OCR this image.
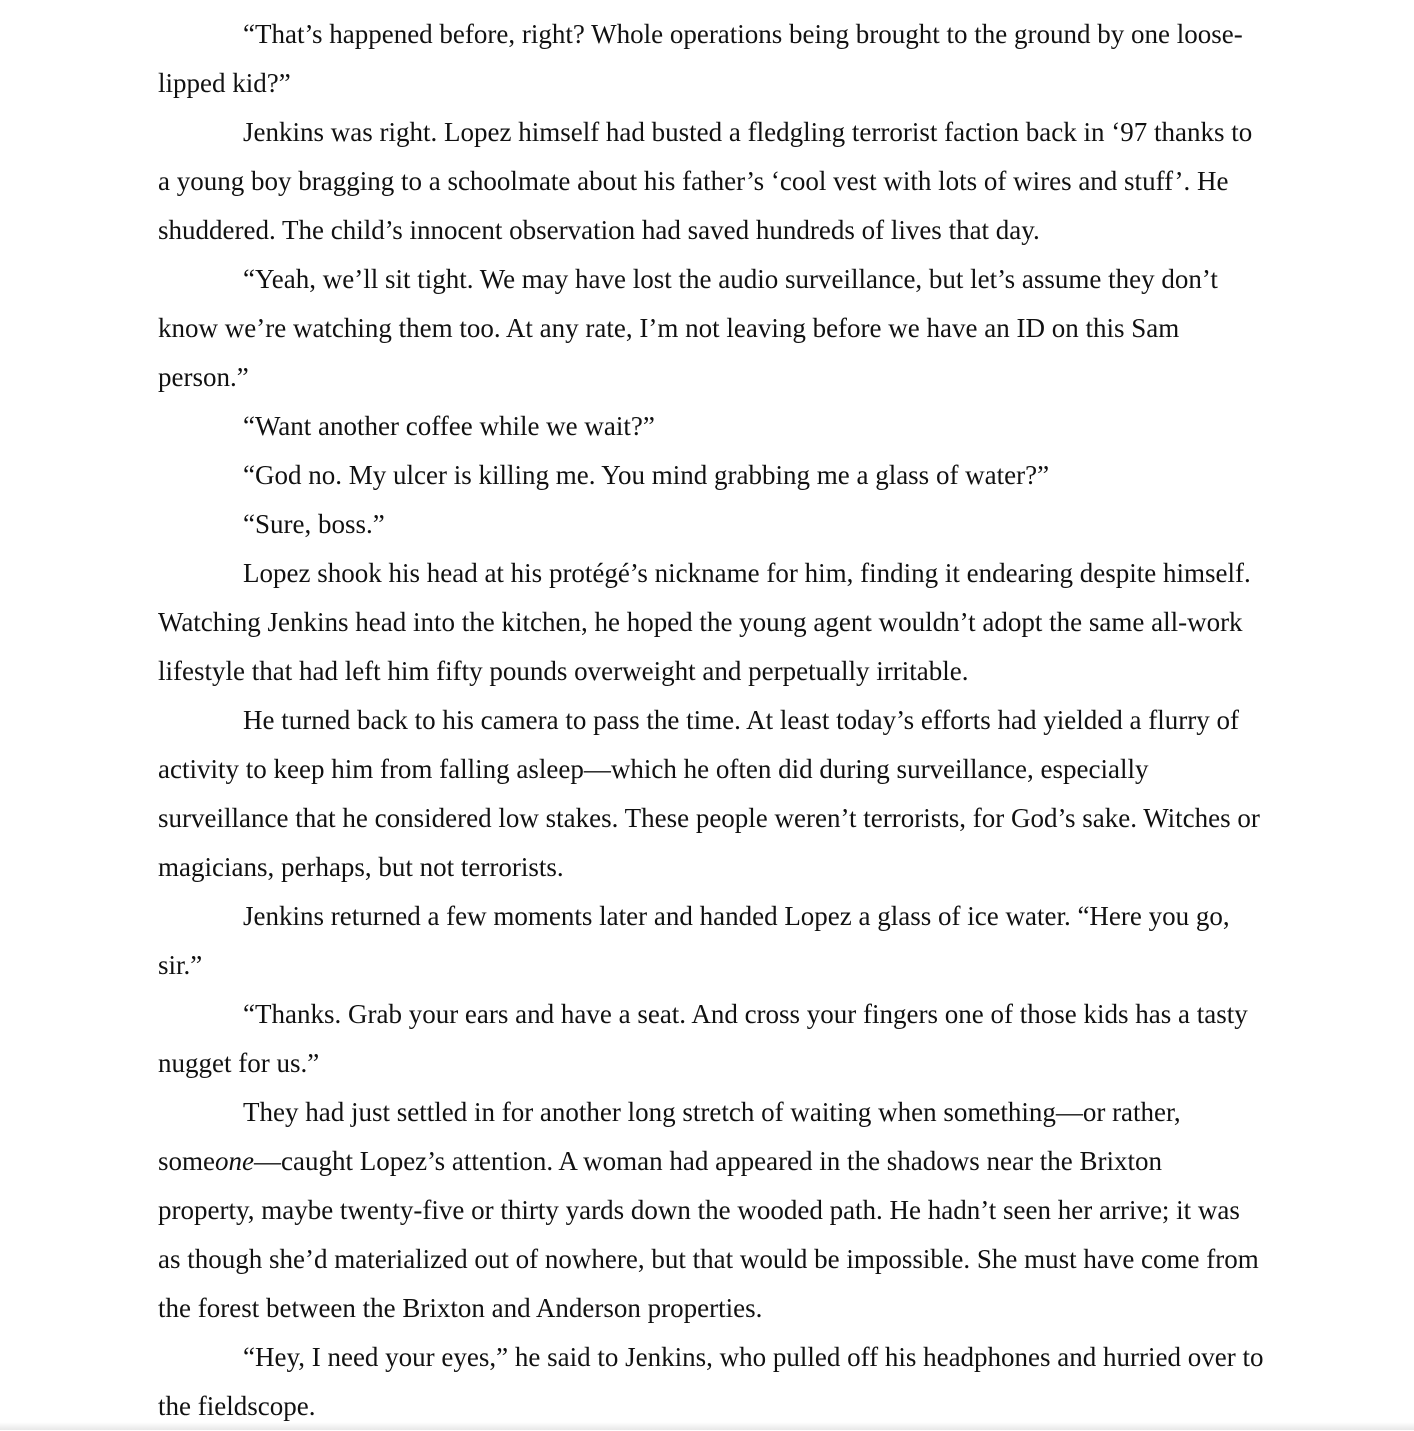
“That’s happened before, right? Whole operations being brought to the ground by one loose-lipped kid?”

Jenkins was right. Lopez himself had busted a fledgling terrorist faction back in ‘97 thanks to a young boy bragging to a schoolmate about his father’s ‘cool vest with lots of wires and stuff’. He shuddered. The child’s innocent observation had saved hundreds of lives that day.

“Yeah, we’ll sit tight. We may have lost the audio surveillance, but let’s assume they don’t know we’re watching them too. At any rate, I’m not leaving before we have an ID on this Sam person.”

“Want another coffee while we wait?”

“God no. My ulcer is killing me. You mind grabbing me a glass of water?”

“Sure, boss.”

Lopez shook his head at his protégé’s nickname for him, finding it endearing despite himself. Watching Jenkins head into the kitchen, he hoped the young agent wouldn’t adopt the same all-work lifestyle that had left him fifty pounds overweight and perpetually irritable.

He turned back to his camera to pass the time. At least today’s efforts had yielded a flurry of activity to keep him from falling asleep—which he often did during surveillance, especially surveillance that he considered low stakes. These people weren’t terrorists, for God’s sake. Witches or magicians, perhaps, but not terrorists.

Jenkins returned a few moments later and handed Lopez a glass of ice water. “Here you go, sir.”

“Thanks. Grab your ears and have a seat. And cross your fingers one of those kids has a tasty nugget for us.”

They had just settled in for another long stretch of waiting when something—or rather, someone—caught Lopez’s attention. A woman had appeared in the shadows near the Brixton property, maybe twenty-five or thirty yards down the wooded path. He hadn’t seen her arrive; it was as though she’d materialized out of nowhere, but that would be impossible. She must have come from the forest between the Brixton and Anderson properties.

“Hey, I need your eyes,” he said to Jenkins, who pulled off his headphones and hurried over to the fieldscope.
